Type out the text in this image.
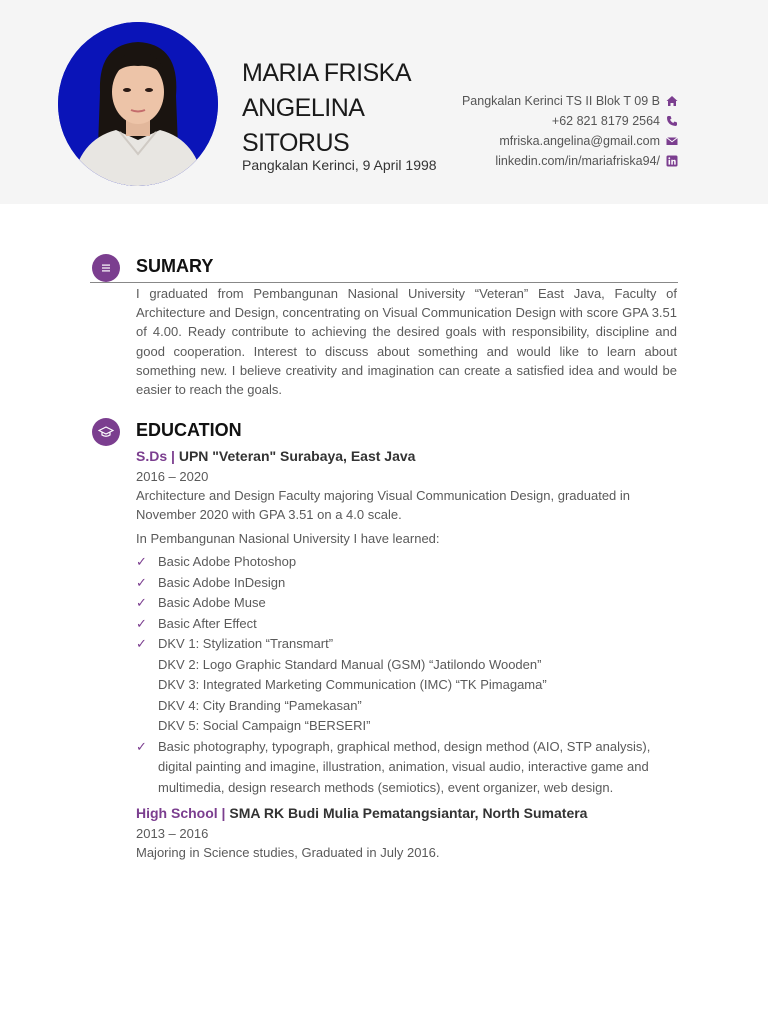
MARIA FRISKA
ANGELINA
SITORUS
Pangkalan Kerinci, 9 April 1998
Pangkalan Kerinci TS II Blok T 09 B
+62 821 8179 2564
mfriska.angelina@gmail.com
linkedin.com/in/mariafriska94/
SUMARY
I graduated from Pembangunan Nasional University “Veteran” East Java, Faculty of Architecture and Design, concentrating on Visual Communication Design with score GPA 3.51 of 4.00. Ready contribute to achieving the desired goals with responsibility, discipline and good cooperation. Interest to discuss about something and would like to learn about something new. I believe creativity and imagination can create a satisfied idea and would be easier to reach the goals.
EDUCATION
S.Ds | UPN "Veteran" Surabaya, East Java
2016 – 2020
Architecture and Design Faculty majoring Visual Communication Design, graduated in November 2020 with GPA 3.51 on a 4.0 scale.
In Pembangunan Nasional University I have learned:
✓ Basic Adobe Photoshop
✓ Basic Adobe InDesign
✓ Basic Adobe Muse
✓ Basic After Effect
✓ DKV 1: Stylization “Transmart”
DKV 2: Logo Graphic Standard Manual (GSM) “Jatilondo Wooden”
DKV 3: Integrated Marketing Communication (IMC) “TK Pimagama”
DKV 4: City Branding “Pamekasan”
DKV 5: Social Campaign “BERSERI”
✓ Basic photography, typograph, graphical method, design method (AIO, STP analysis), digital painting and imagine, illustration, animation, visual audio, interactive game and multimedia, design research methods (semiotics), event organizer, web design.
High School | SMA RK Budi Mulia Pematangsiantar, North Sumatera
2013 – 2016
Majoring in Science studies, Graduated in July 2016.
